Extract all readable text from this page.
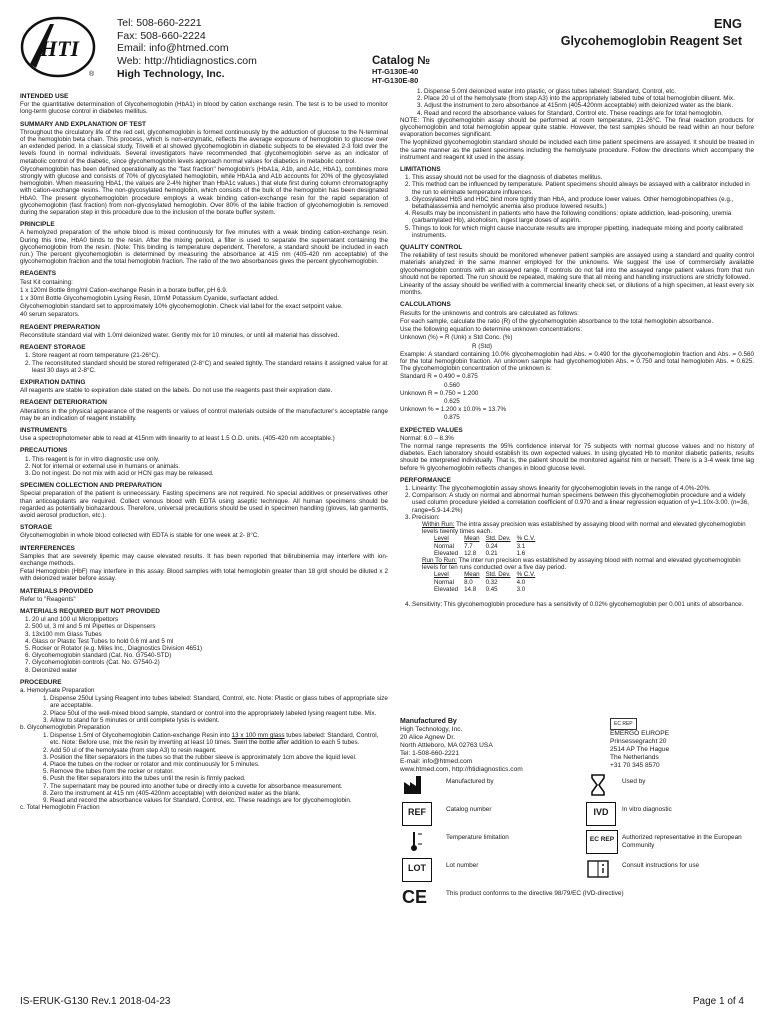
HTI
®
Tel: 508-660-2221
Fax: 508-660-2224
Email: info@htmed.com
Web: http://htidiagnostics.com
High Technology, Inc.
ENG
Glycohemoglobin Reagent Set
Catalog №
HT-G130E-40
HT-G130E-80
INTENDED USE

For the quantitative determination of Glycohemoglobin (HbA1) in blood by cation exchange resin. The test is to be used to monitor long-term glucose control in diabetes mellitus.

SUMMARY AND EXPLANATION OF TEST

Throughout the circulatory life of the red cell, glycohemoglobin is formed continuously by the adduction of glucose to the N-terminal of the hemoglobin beta chain. This process, which is non-enzymatic, reflects the average exposure of hemoglobin to glucose over an extended period. In a classical study, Trivelli et al showed glycohemoglobin in diabetic subjects to be elevated 2-3 fold over the levels found in normal individuals. Several investigators have recommended that glycohemoglobin serve as an indicator of metabolic control of the diabetic, since glycohemoglobin levels approach normal values for diabetics in metabolic control.

Glycohemoglobin has been defined operationally as the "fast fraction" hemoglobin's (HbA1a, A1b, and A1c, HbA1), combines more strongly with glucose and consists of 70% of glycosylated hemoglobin, while HbA1a and A1b accounts for 20% of the glycosylated hemoglobin. When measuring HbA1, the values are 2-4% higher than HbA1c values.) that elute first during column chromatography with cation-exchange resins. The non-glycosylated hemoglobin, which consists of the bulk of the hemoglobin has been designated HbA0. The present glycohemoglobin procedure employs a weak binding cation-exchange resin for the rapid separation of glycohemoglobin (fast fraction) from non-glycosylated hemoglobin. Over 80% of the labile fraction of glycohemoglobin is removed during the separation step in this procedure due to the inclusion of the borate buffer system.

PRINCIPLE

A hemolyzed preparation of the whole blood is mixed continuously for five minutes with a weak binding cation-exchange resin. During this time, HbA0 binds to the resin. After the mixing period, a filter is used to separate the supernatant containing the glycohemoglobin from the resin. (Note: This binding is temperature dependent. Therefore, a standard should be included in each run.) The percent glycohemoglobin is determined by measuring the absorbance at 415 nm (405-420 nm acceptable) of the glycohemoglobin fraction and the total hemoglobin fraction. The ratio of the two absorbances gives the percent glycohemoglobin.

REAGENTS

Test Kit containing:

1 x 120ml Bottle 8mg/ml Cation-exchange Resin in a borate buffer, pH 6.9.

1 x 30ml Bottle Glycohemoglobin Lysing Resin, 10mM Potassium Cyanide, surfactant added.

Glycohemoglobin standard set to approximately 10% glycohemoglobin. Check vial label for the exact setpoint value.

40 serum separators.

REAGENT PREPARATION

Reconstitute standard vial with 1.0ml deionized water. Gently mix for 10 minutes, or until all material has dissolved.

REAGENT STORAGE
1. Store reagent at room temperature (21-26°C).
2. The reconstituted standard should be stored refrigerated (2-8°C) and sealed tightly. The standard retains it assigned value for at least 30 days at 2-8°C.
EXPIRATION DATING

All reagents are stable to expiration date stated on the labels. Do not use the reagents past their expiration date.

REAGENT DETERIORATION

Alterations in the physical appearance of the reagents or values of control materials outside of the manufacturer's acceptable range may be an indication of reagent instability.

INSTRUMENTS

Use a spectrophotometer able to read at 415nm with linearity to at least 1.5 O.D. units. (405-420 nm acceptable.)

PRECAUTIONS
1. This reagent is for in vitro diagnostic use only.
2. Not for internal or external use in humans or animals.
3. Do not ingest. Do not mix with acid or HCN gas may be released.
SPECIMEN COLLECTION AND PREPARATION

Special preparation of the patient is unnecessary. Fasting specimens are not required. No special additives or preservatives other than anticoagulants are required. Collect venous blood with EDTA using aseptic technique. All human specimens should be regarded as potentially biohazardous. Therefore, universal precautions should be used in specimen handling (gloves, lab garments, avoid aerosol production, etc.).

STORAGE

Glycohemoglobin in whole blood collected with EDTA is stable for one week at 2- 8°C.

INTERFERENCES

Samples that are severely lipemic may cause elevated results. It has been reported that bilirubinemia may interfere with ion-exchange methods.

Fetal Hemoglobin (HbF) may interfere in this assay. Blood samples with total hemoglobin greater than 18 g/dl should be diluted x 2 with deionized water before assay.

MATERIALS PROVIDED

Refer to "Reagents"

MATERIALS REQUIRED BUT NOT PROVIDED
1. 20 ul and 100 ul Micropipettors
2. 500 ul, 3 ml and 5 ml Pipettes or Dispensers
3. 13x100 mm Glass Tubes
4. Glass or Plastic Test Tubes to hold 0.6 ml and 5 ml
5. Rocker or Rotator (e.g. Miles Inc., Diagnostics Division 4651)
6. Glycohemoglobin standard (Cat. No. G7540-STD)
7. Glycohemoglobin controls (Cat. No. G7540-2)
8. Deionized water
PROCEDURE

a. Hemolysate Preparation

1. Dispense 250ul Lysing Reagent into tubes labeled: Standard, Control, etc. Note: Plastic or glass tubes of appropriate size are acceptable.
2. Place 50ul of the well-mixed blood sample, standard or control into the appropriately labeled lysing reagent tube. Mix.
3. Allow to stand for 5 minutes or until complete lysis is evident.

b. Glycohemoglobin Preparation

1. Dispense 1.5ml of Glycohemoglobin Cation-exchange Resin into 13 x 100 mm glass tubes labeled: Standard, Control, etc. Note: Before use, mix the resin by inverting at least 10 times. Swirl the bottle after addition to each 5 tubes.
2. Add 50 ul of the hemolysate (from step A3) to resin reagent.
3. Position the filter separators in the tubes so that the rubber sleeve is approximately 1cm above the liquid level.
4. Place the tubes on the rocker or rotator and mix continuously for 5 minutes.
5. Remove the tubes from the rocker or rotator.
6. Push the filter separators into the tubes until the resin is firmly packed.
7. The supernatant may be poured into another tube or directly into a cuvette for absorbance measurement.
8. Zero the instrument at 415 nm (405-420nm acceptable) with deionized water as the blank.
9. Read and record the absorbance values for Standard, Control, etc. These readings are for glycohemoglobin.

c. Total Hemoglobin Fraction

1. Dispense 5.0ml deionized water into plastic, or glass tubes labeled: Standard, Control, etc.
2. Place 20 ul of the hemolysate (from step A3) into the appropriately labeled tube of total hemoglobin diluent. Mix.
3. Adjust the instrument to zero absorbance at 415nm (405-420nm acceptable) with deionized water as the blank.
4. Read and record the absorbance values for Standard, Control etc. These readings are for total hemoglobin.

NOTE: This glycohemoglobin assay should be performed at room temperature, 21-26°C. The final reaction products for glycohemoglobin and total hemoglobin appear quite stable. However, the test samples should be read within an hour before evaporation becomes significant.

The lyophilized glycohemoglobin standard should be included each time patient specimens are assayed. It should be treated in the same manner as the patient specimens including the hemolysate procedure. Follow the directions which accompany the instrument and reagent kit used in the assay.

LIMITATIONS
1. This assay should not be used for the diagnosis of diabetes mellitus.
2. This method can be influenced by temperature. Patient specimens should always be assayed with a calibrator included in the run to eliminate temperature influences.
3. Glycosylated HbS and HbC bind more tightly than HbA, and produce lower values. Other hemoglobinopathies (e.g., betathalassemia and hemolytic anemia also produce lowered results.)
4. Results may be inconsistent in patients who have the following conditions: opiate addiction, lead-poisoning, uremia (carbamylated Hb), alcoholism, ingest large doses of aspirin.
5. Things to look for which might cause inaccurate results are improper pipetting, inadequate mixing and poorly calibrated instruments.
QUALITY CONTROL

The reliability of test results should be monitored whenever patient samples are assayed using a standard and quality control materials analyzed in the same manner employed for the unknowns. We suggest the use of commercially available glycohemoglobin controls with an assayed range. If controls do not fall into the assayed range patient values from that run should not be reported. The run should be repeated, making sure that all mixing and handling instructions are strictly followed.

Linearity of the assay should be verified with a commercial linearity check set, or dilutions of a high specimen, at least every six months.

CALCULATIONS

Results for the unknowns and controls are calculated as follows:

For each sample, calculate the ratio (R) of the glycohemoglobin absorbance to the total hemoglobin absorbance.

Use the following equation to determine unknown concentrations:

Unknown (%) = R (Unk) x Std Conc. (%)

R (Std)

Example: A standard containing 10.0% glycohemoglobin had Abs. = 0.490 for the glycohemoglobin fraction and Abs. = 0.560 for the total hemoglobin fraction. An unknown sample had glycohemoglobin Abs. = 0.750 and total hemoglobin Abs. = 0.625. The glycohemoglobin concentration of the unknown is:

Standard R = 0.490 = 0.875

0.560

Unknown R = 0.750 = 1.200

0.625

Unknown % = 1.200 x 10.0% = 13.7%

0.875

EXPECTED VALUES

Normal: 6.0 – 8.3%

The normal range represents the 95% confidence interval for 75 subjects with normal glucose values and no history of diabetes. Each laboratory should establish its own expected values. In using glycated Hb to monitor diabetic patients, results should be interpreted individually. That is, the patient should be monitored against him or herself. There is a 3-4 week time lag before % glycohemoglobin reflects changes in blood glucose level.

PERFORMANCE
1. Linearity: The glycohemoglobin assay shows linearity for glycohemoglobin levels in the range of 4.0%-20%.
2. Comparison: A study on normal and abnormal human specimens between this glycohemoglobin procedure and a widely used column procedure yielded a correlation coefficient of 0.970 and a linear regression equation of y=1.10x-3.00. (n=36, range=5.9-14.2%)
3. Precision:
Within Run: The intra assay precision was established by assaying blood with normal and elevated glycohemoglobin levels twenty times each.
Level	Mean	Std. Dev.	% C.V.
Normal	7.7	0.24	3.1
Elevated	12.8	0.21	1.6
Run To Run: The inter run precision was established by assaying blood with normal and elevated glycohemoglobin levels for ten runs conducted over a five day period.
Level	Mean	Std. Dev.	% C.V.
Normal	8.0	0.32	4.0
Elevated	14.8	0.45	3.0
4. Sensitivity: This glycohemoglobin procedure has a sensitivity of 0.02% glycohemoglobin per 0.001 units of absorbance.
Manufactured By
High Technology, Inc.
20 Alice Agnew Dr.
North Attleboro, MA 02763 USA
Tel: 1-508-660-2221
E-mail: info@htmed.com
www.htmed.com, http://htidiagnostics.com
EC REP
EMERGO EUROPE
Prinsessegracht 20
2514 AP The Hague
The Netherlands
+31 70 345 8570
Manufactured by	Used by
REF	Catalog number	IVD	In vitro diagnostic
Temperature limitation	EC REP	Authorized representative in the European Community
LOT	Lot number	Consult instructions for use
CE	This product conforms to the directive 98/79/EC (IVD-directive)
IS-ERUK-G130 Rev.1 2018-04-23	Page 1 of 4
